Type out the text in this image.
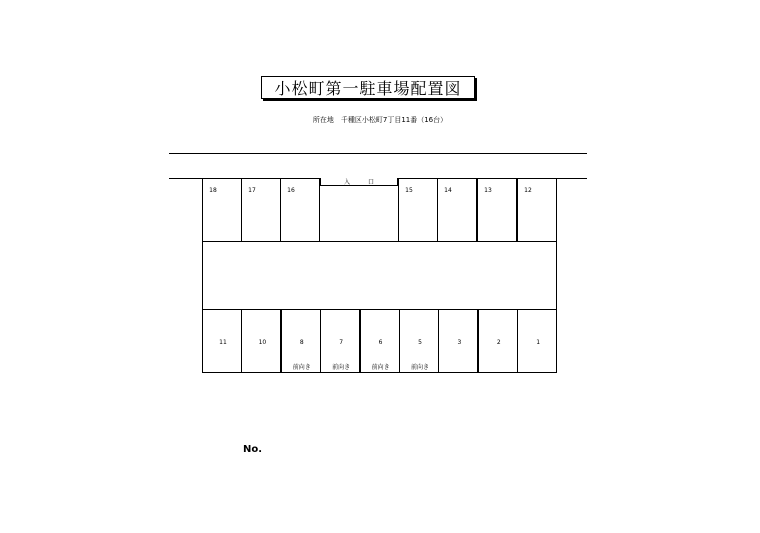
小松町第一駐車場配置図
所在地　千種区小松町7丁目11番（16台）
入口
18	17	16	15	14	13	12
11	10	8
前向き
7
前向き
6
前向き
5
前向き
3	2	1
No.
